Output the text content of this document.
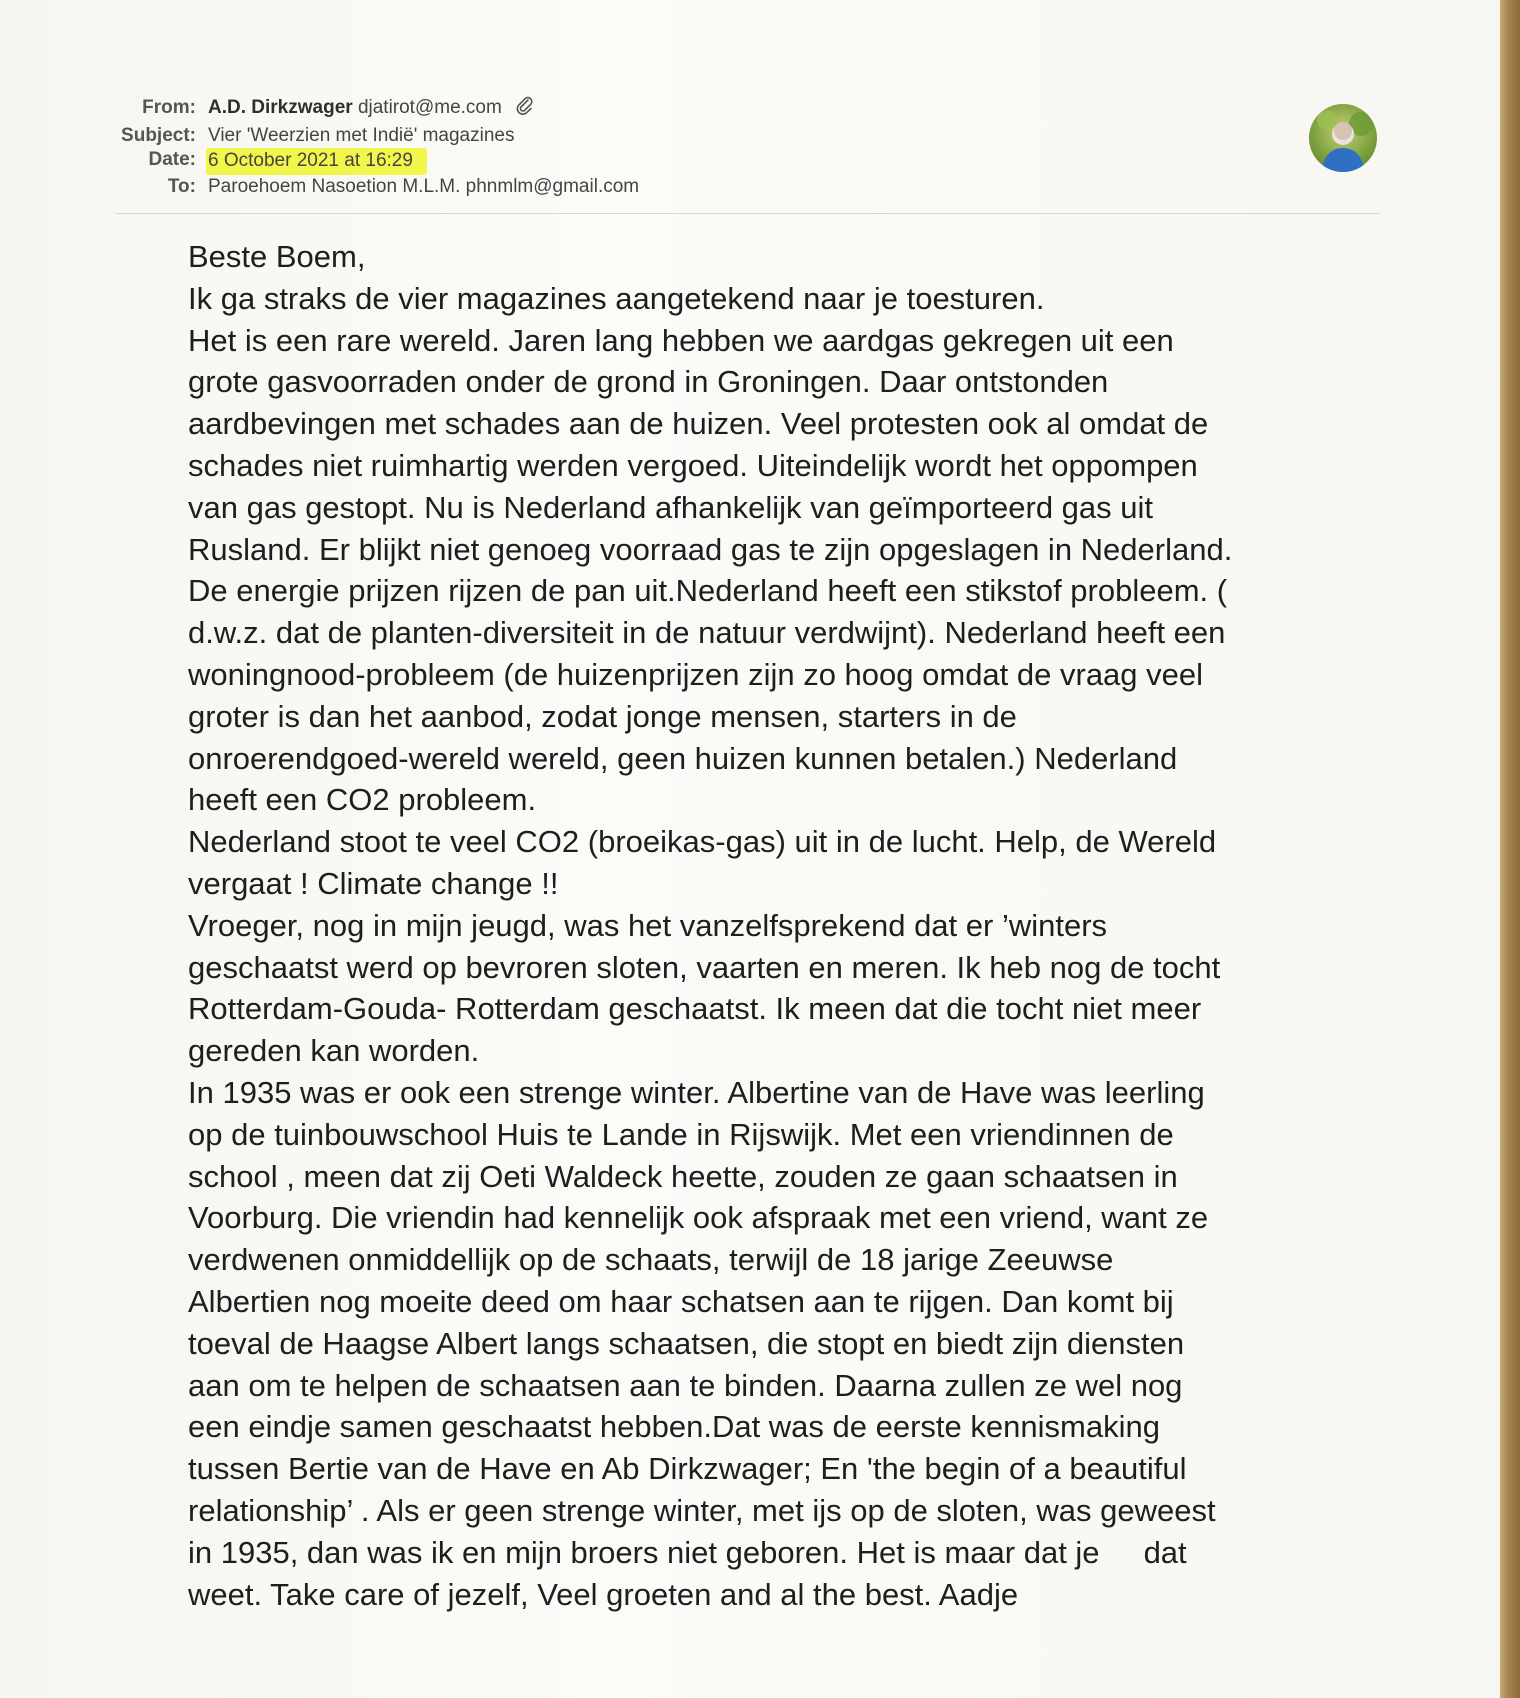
From: A.D. Dirkzwager djatirot@me.com
Subject: Vier 'Weerzien met Indië' magazines
Date: 6 October 2021 at 16:29
To: Paroehoem Nasoetion M.L.M. phnmlm@gmail.com
Beste Boem,
Ik ga straks de vier magazines aangetekend naar je toesturen.
Het is een rare wereld. Jaren lang hebben we aardgas gekregen uit een
grote gasvoorraden onder de grond in Groningen. Daar ontstonden
aardbevingen met schades aan de huizen. Veel protesten ook al omdat de
schades niet ruimhartig werden vergoed. Uiteindelijk wordt het oppompen
van gas gestopt. Nu is Nederland afhankelijk van geïmporteerd gas uit
Rusland. Er blijkt niet genoeg voorraad gas te zijn opgeslagen in Nederland.
De energie prijzen rijzen de pan uit.Nederland heeft een stikstof probleem. (
d.w.z. dat de planten-diversiteit in de natuur verdwijnt). Nederland heeft een
woningnood-probleem (de huizenprijzen zijn zo hoog omdat de vraag veel
groter is dan het aanbod, zodat jonge mensen, starters in de
onroerendgoed-wereld wereld, geen huizen kunnen betalen.) Nederland
heeft een CO2 probleem.
Nederland stoot te veel CO2 (broeikas-gas) uit in de lucht. Help, de Wereld
vergaat ! Climate change !!
Vroeger, nog in mijn jeugd, was het vanzelfsprekend dat er ’winters
geschaatst werd op bevroren sloten, vaarten en meren. Ik heb nog de tocht
Rotterdam-Gouda- Rotterdam geschaatst. Ik meen dat die tocht niet meer
gereden kan worden.
In 1935 was er ook een strenge winter. Albertine van de Have was leerling
op de tuinbouwschool Huis te Lande in Rijswijk. Met een vriendinnen de
school , meen dat zij Oeti Waldeck heette, zouden ze gaan schaatsen in
Voorburg. Die vriendin had kennelijk ook afspraak met een vriend, want ze
verdwenen onmiddellijk op de schaats, terwijl de 18 jarige Zeeuwse
Albertien nog moeite deed om haar schatsen aan te rijgen. Dan komt bij
toeval de Haagse Albert langs schaatsen, die stopt en biedt zijn diensten
aan om te helpen de schaatsen aan te binden. Daarna zullen ze wel nog
een eindje samen geschaatst hebben.Dat was de eerste kennismaking
tussen Bertie van de Have en Ab Dirkzwager; En 'the begin of a beautiful
relationship’ . Als er geen strenge winter, met ijs op de sloten, was geweest
in 1935, dan was ik en mijn broers niet geboren. Het is maar dat je dat
weet. Take care of jezelf, Veel groeten and al the best. Aadje
